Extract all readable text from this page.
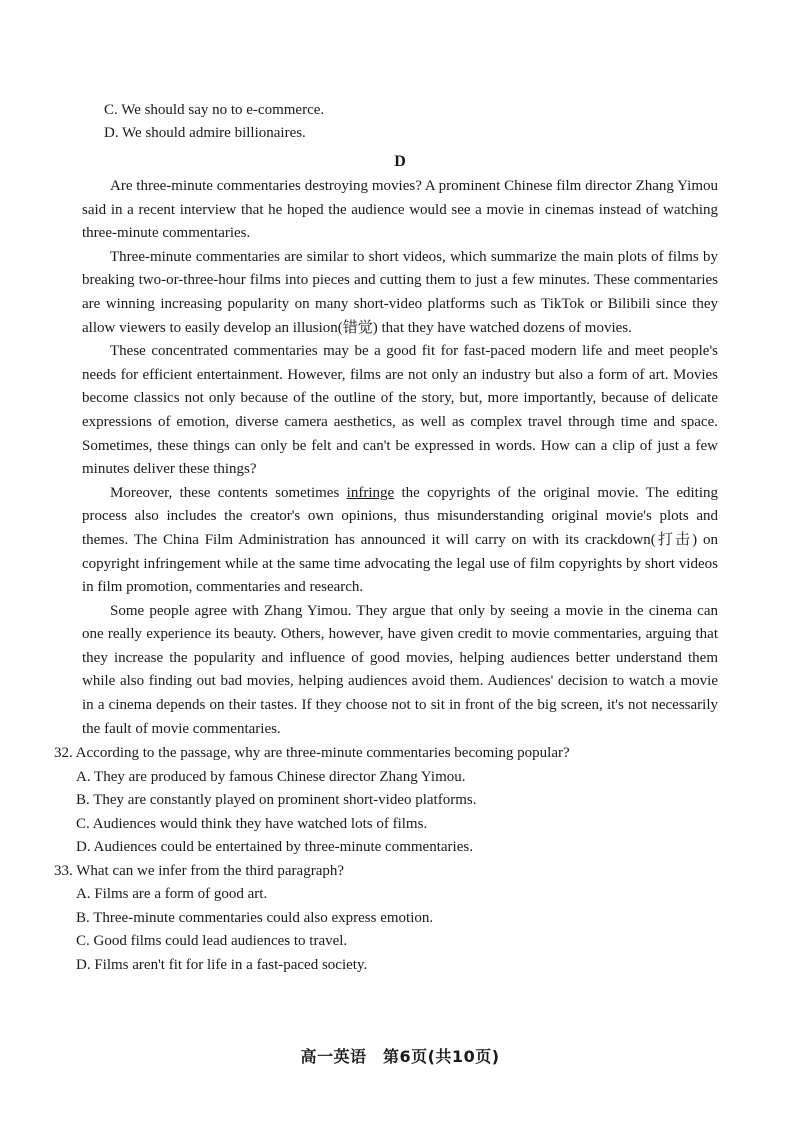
C. We should say no to e-commerce.
D. We should admire billionaires.
D

Are three-minute commentaries destroying movies? A prominent Chinese film director Zhang Yimou said in a recent interview that he hoped the audience would see a movie in cinemas instead of watching three-minute commentaries.

Three-minute commentaries are similar to short videos, which summarize the main plots of films by breaking two-or-three-hour films into pieces and cutting them to just a few minutes. These commentaries are winning increasing popularity on many short-video platforms such as TikTok or Bilibili since they allow viewers to easily develop an illusion(错觉) that they have watched dozens of movies.

These concentrated commentaries may be a good fit for fast-paced modern life and meet people's needs for efficient entertainment. However, films are not only an industry but also a form of art. Movies become classics not only because of the outline of the story, but, more importantly, because of delicate expressions of emotion, diverse camera aesthetics, as well as complex travel through time and space. Sometimes, these things can only be felt and can't be expressed in words. How can a clip of just a few minutes deliver these things?

Moreover, these contents sometimes infringe the copyrights of the original movie. The editing process also includes the creator's own opinions, thus misunderstanding original movie's plots and themes. The China Film Administration has announced it will carry on with its crackdown(打击) on copyright infringement while at the same time advocating the legal use of film copyrights by short videos in film promotion, commentaries and research.

Some people agree with Zhang Yimou. They argue that only by seeing a movie in the cinema can one really experience its beauty. Others, however, have given credit to movie commentaries, arguing that they increase the popularity and influence of good movies, helping audiences better understand them while also finding out bad movies, helping audiences avoid them. Audiences' decision to watch a movie in a cinema depends on their tastes. If they choose not to sit in front of the big screen, it's not necessarily the fault of movie commentaries.

32. According to the passage, why are three-minute commentaries becoming popular?
A. They are produced by famous Chinese director Zhang Yimou.
B. They are constantly played on prominent short-video platforms.
C. Audiences would think they have watched lots of films.
D. Audiences could be entertained by three-minute commentaries.
33. What can we infer from the third paragraph?
A. Films are a form of good art.
B. Three-minute commentaries could also express emotion.
C. Good films could lead audiences to travel.
D. Films aren't fit for life in a fast-paced society.
高一英语　第6页(共10页)
